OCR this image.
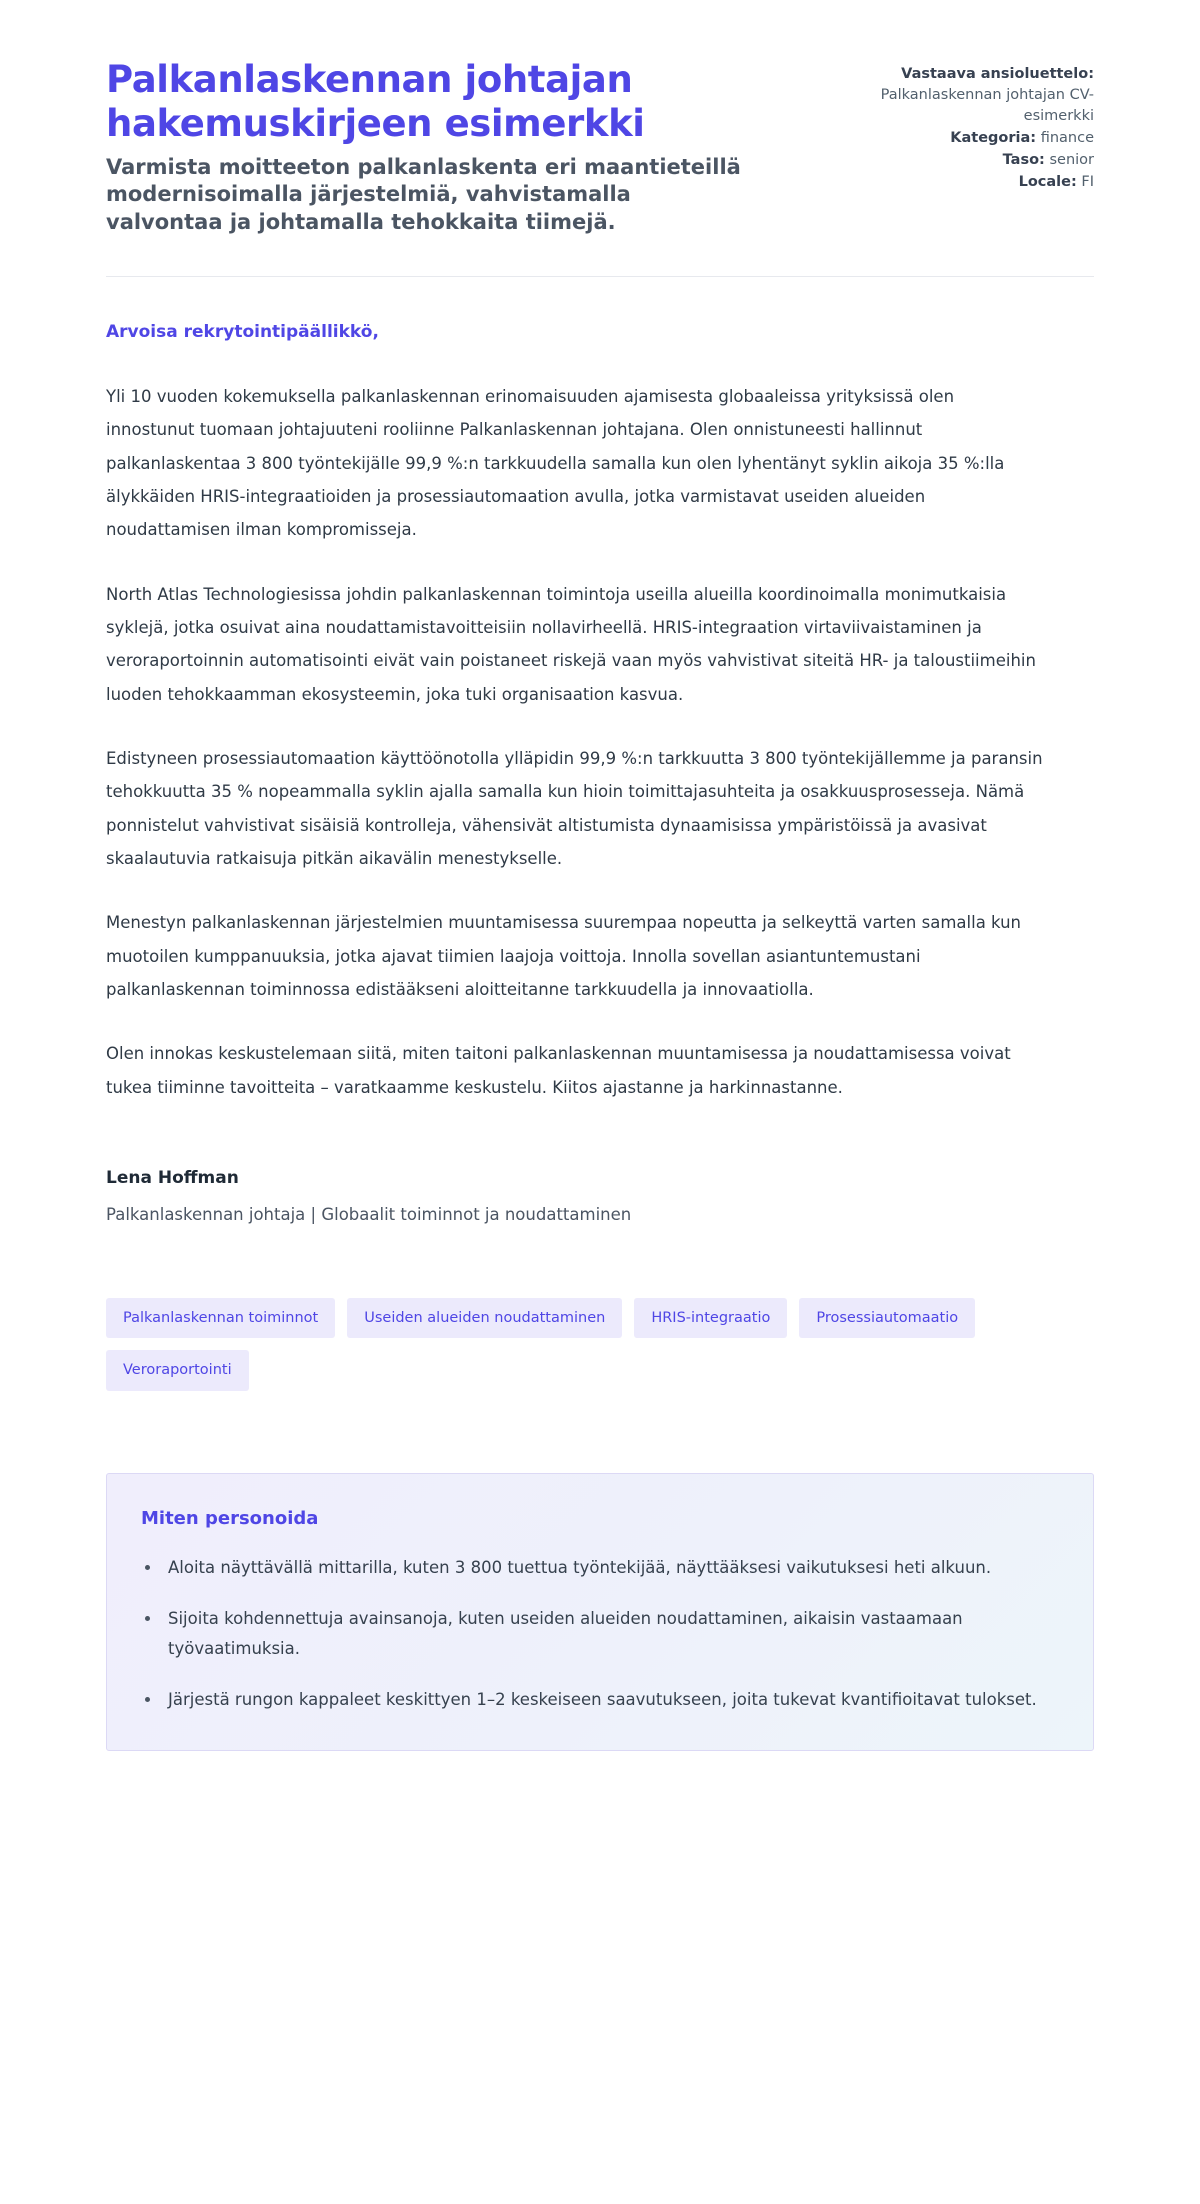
Palkanlaskennan johtajan hakemuskirjeen esimerkki

Varmista moitteeton palkanlaskenta eri maantieteillä modernisoimalla järjestelmiä, vahvistamalla valvontaa ja johtamalla tehokkaita tiimejä.

Vastaava ansioluettelo:
Palkanlaskennan johtajan CV-esimerkki
Kategoria: finance
Taso: senior
Locale: FI

Arvoisa rekrytointipäällikkö,

Yli 10 vuoden kokemuksella palkanlaskennan erinomaisuuden ajamisesta globaaleissa yrityksissä olen innostunut tuomaan johtajuuteni rooliinne Palkanlaskennan johtajana. Olen onnistuneesti hallinnut palkanlaskentaa 3 800 työntekijälle 99,9 %:n tarkkuudella samalla kun olen lyhentänyt syklin aikoja 35 %:lla älykkäiden HRIS-integraatioiden ja prosessiautomaation avulla, jotka varmistavat useiden alueiden noudattamisen ilman kompromisseja.

North Atlas Technologiesissa johdin palkanlaskennan toimintoja useilla alueilla koordinoimalla monimutkaisia syklejä, jotka osuivat aina noudattamistavoitteisiin nollavirheellä. HRIS-integraation virtaviivaistaminen ja veroraportoinnin automatisointi eivät vain poistaneet riskejä vaan myös vahvistivat siteitä HR- ja taloustiimeihin luoden tehokkaamman ekosysteemin, joka tuki organisaation kasvua.

Edistyneen prosessiautomaation käyttöönotolla ylläpidin 99,9 %:n tarkkuutta 3 800 työntekijällemme ja paransin tehokkuutta 35 % nopeammalla syklin ajalla samalla kun hioin toimittajasuhteita ja osakkuusprosesseja. Nämä ponnistelut vahvistivat sisäisiä kontrolleja, vähensivät altistumista dynaamisissa ympäristöissä ja avasivat skaalautuvia ratkaisuja pitkän aikavälin menestykselle.

Menestyn palkanlaskennan järjestelmien muuntamisessa suurempaa nopeutta ja selkeyttä varten samalla kun muotoilen kumppanuuksia, jotka ajavat tiimien laajoja voittoja. Innolla sovellan asiantuntemustani palkanlaskennan toiminnossa edistääkseni aloitteitanne tarkkuudella ja innovaatiolla.

Olen innokas keskustelemaan siitä, miten taitoni palkanlaskennan muuntamisessa ja noudattamisessa voivat tukea tiiminne tavoitteita – varatkaamme keskustelu. Kiitos ajastanne ja harkinnastanne.

Lena Hoffman

Palkanlaskennan johtaja | Globaalit toiminnot ja noudattaminen

Palkanlaskennan toiminnot	Useiden alueiden noudattaminen	HRIS-integraatio	Prosessiautomaatio
Veroraportointi
Miten personoida
Aloita näyttävällä mittarilla, kuten 3 800 tuettua työntekijää, näyttääksesi vaikutuksesi heti alkuun.
Sijoita kohdennettuja avainsanoja, kuten useiden alueiden noudattaminen, aikaisin vastaamaan työvaatimuksia.
Järjestä rungon kappaleet keskittyen 1–2 keskeiseen saavutukseen, joita tukevat kvantifioitavat tulokset.
